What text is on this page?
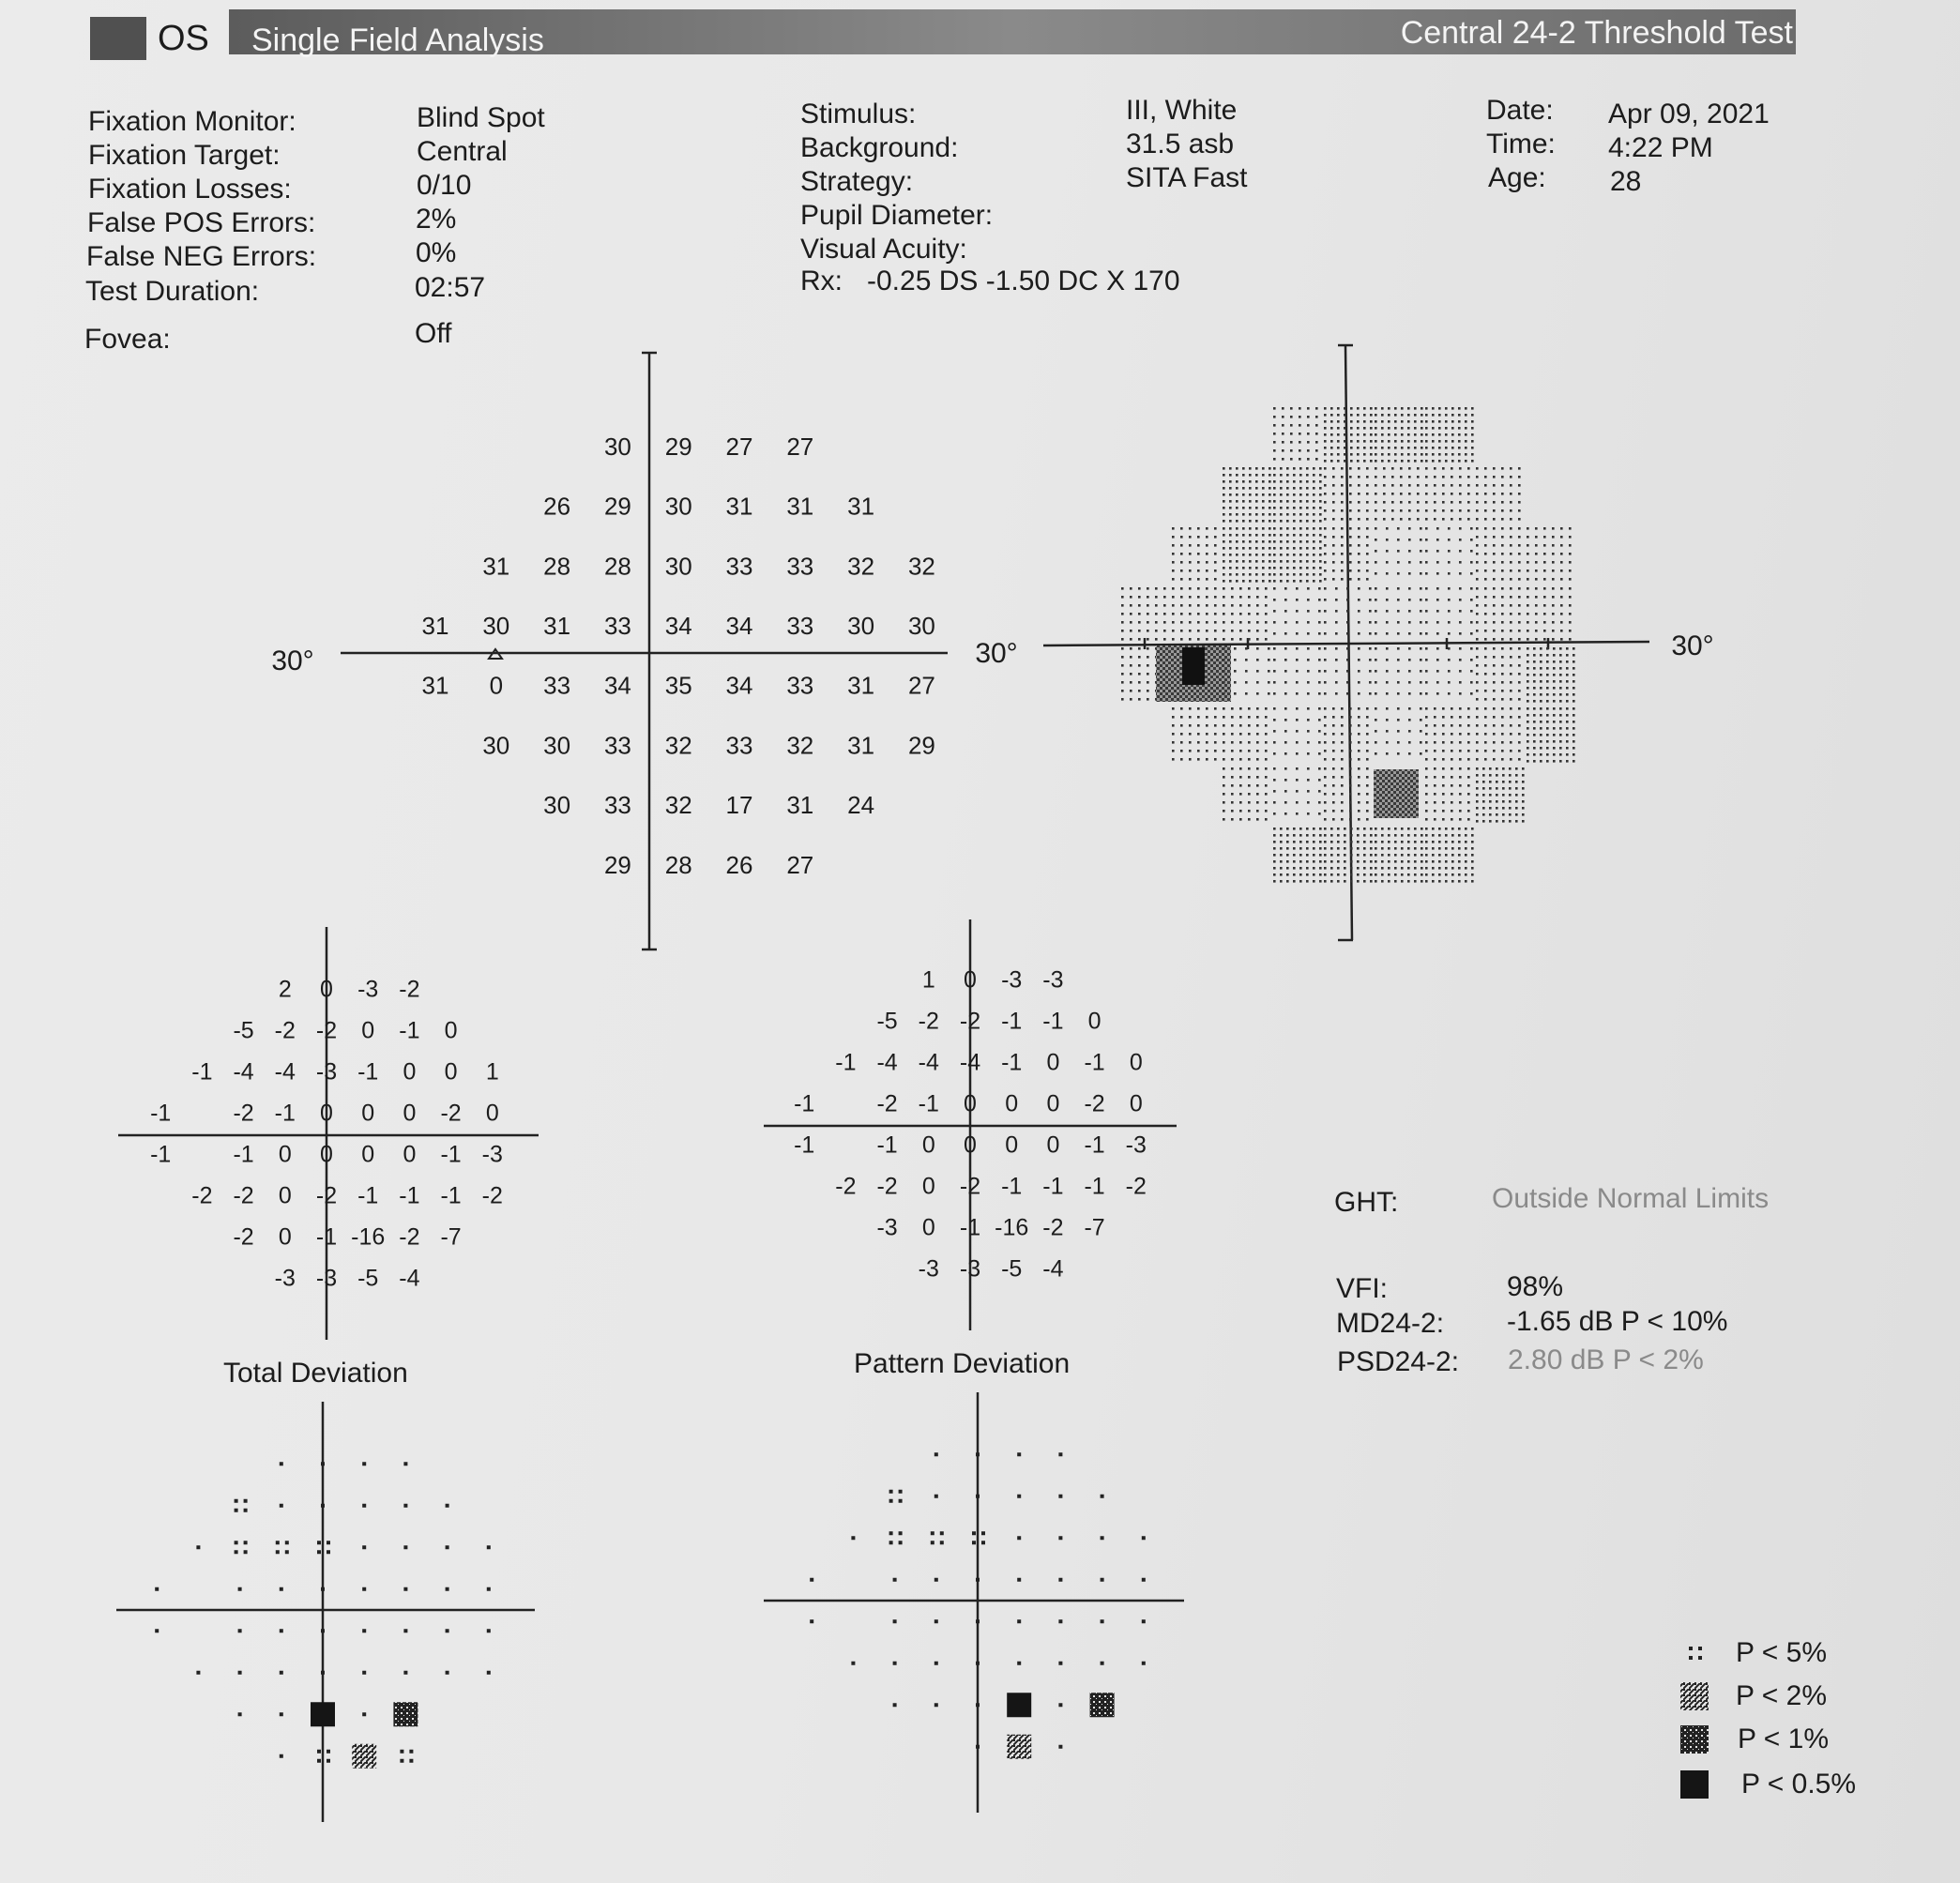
OS Single Field Analysis	Central 24-2 Threshold Test
Fixation Monitor:	Blind Spot
Fixation Target:	Central
Fixation Losses:	0/10
False POS Errors:	2%
False NEG Errors:	0%
Test Duration:	02:57
Fovea:	Off
Stimulus:	III, White
Background:	31.5 asb
Strategy:	SITA Fast
Pupil Diameter:
Visual Acuity:
Rx: -0.25 DS -1.50 DC X 170
Date: Apr 09, 2021
Time: 4:22 PM
Age: 28
GHT:	Outside Normal Limits
VFI:	98%
MD24-2: -1.65 dB P < 10%
PSD24-2: 2.80 dB P < 2%
Total Deviation	Pattern Deviation
P < 5%
P < 2%
P < 1%
P < 0.5%
30°
30 29 27 27
26 29 30 31 31 31
31 28 28 30 33 33 32 32
31 30 31 33 34 34 33 30 30
31 0 33 34 35 34 33 31 27
30 30 33 32 33 32 31 29
30 33 32 17 31 24
29 28 26 27
30°	30°
2 0 -3 -2
-5 -2 -2 0 -1 0
-1 -4 -4 -3 -1 0 0 1
-1	-2 -1 0 0 0 -2 0
-1	-1 0 0 0 0 -1 -3
-2 -2 0 -2 -1 -1 -1 -2
-2 0 -1 -16 -2 -7
-3 -3 -5 -4
1 0 -3 -3
-5 -2 -2 -1 -1 0
-1 -4 -4 -4 -1 0 -1 0
-1	-2 -1 0 0 0 -2 0
-1	-1 0 0 0 0 -1 -3
-2 -2 0 -2 -1 -1 -1 -2
-3 0 -1 -16 -2 -7
-3 -3 -5 -4
